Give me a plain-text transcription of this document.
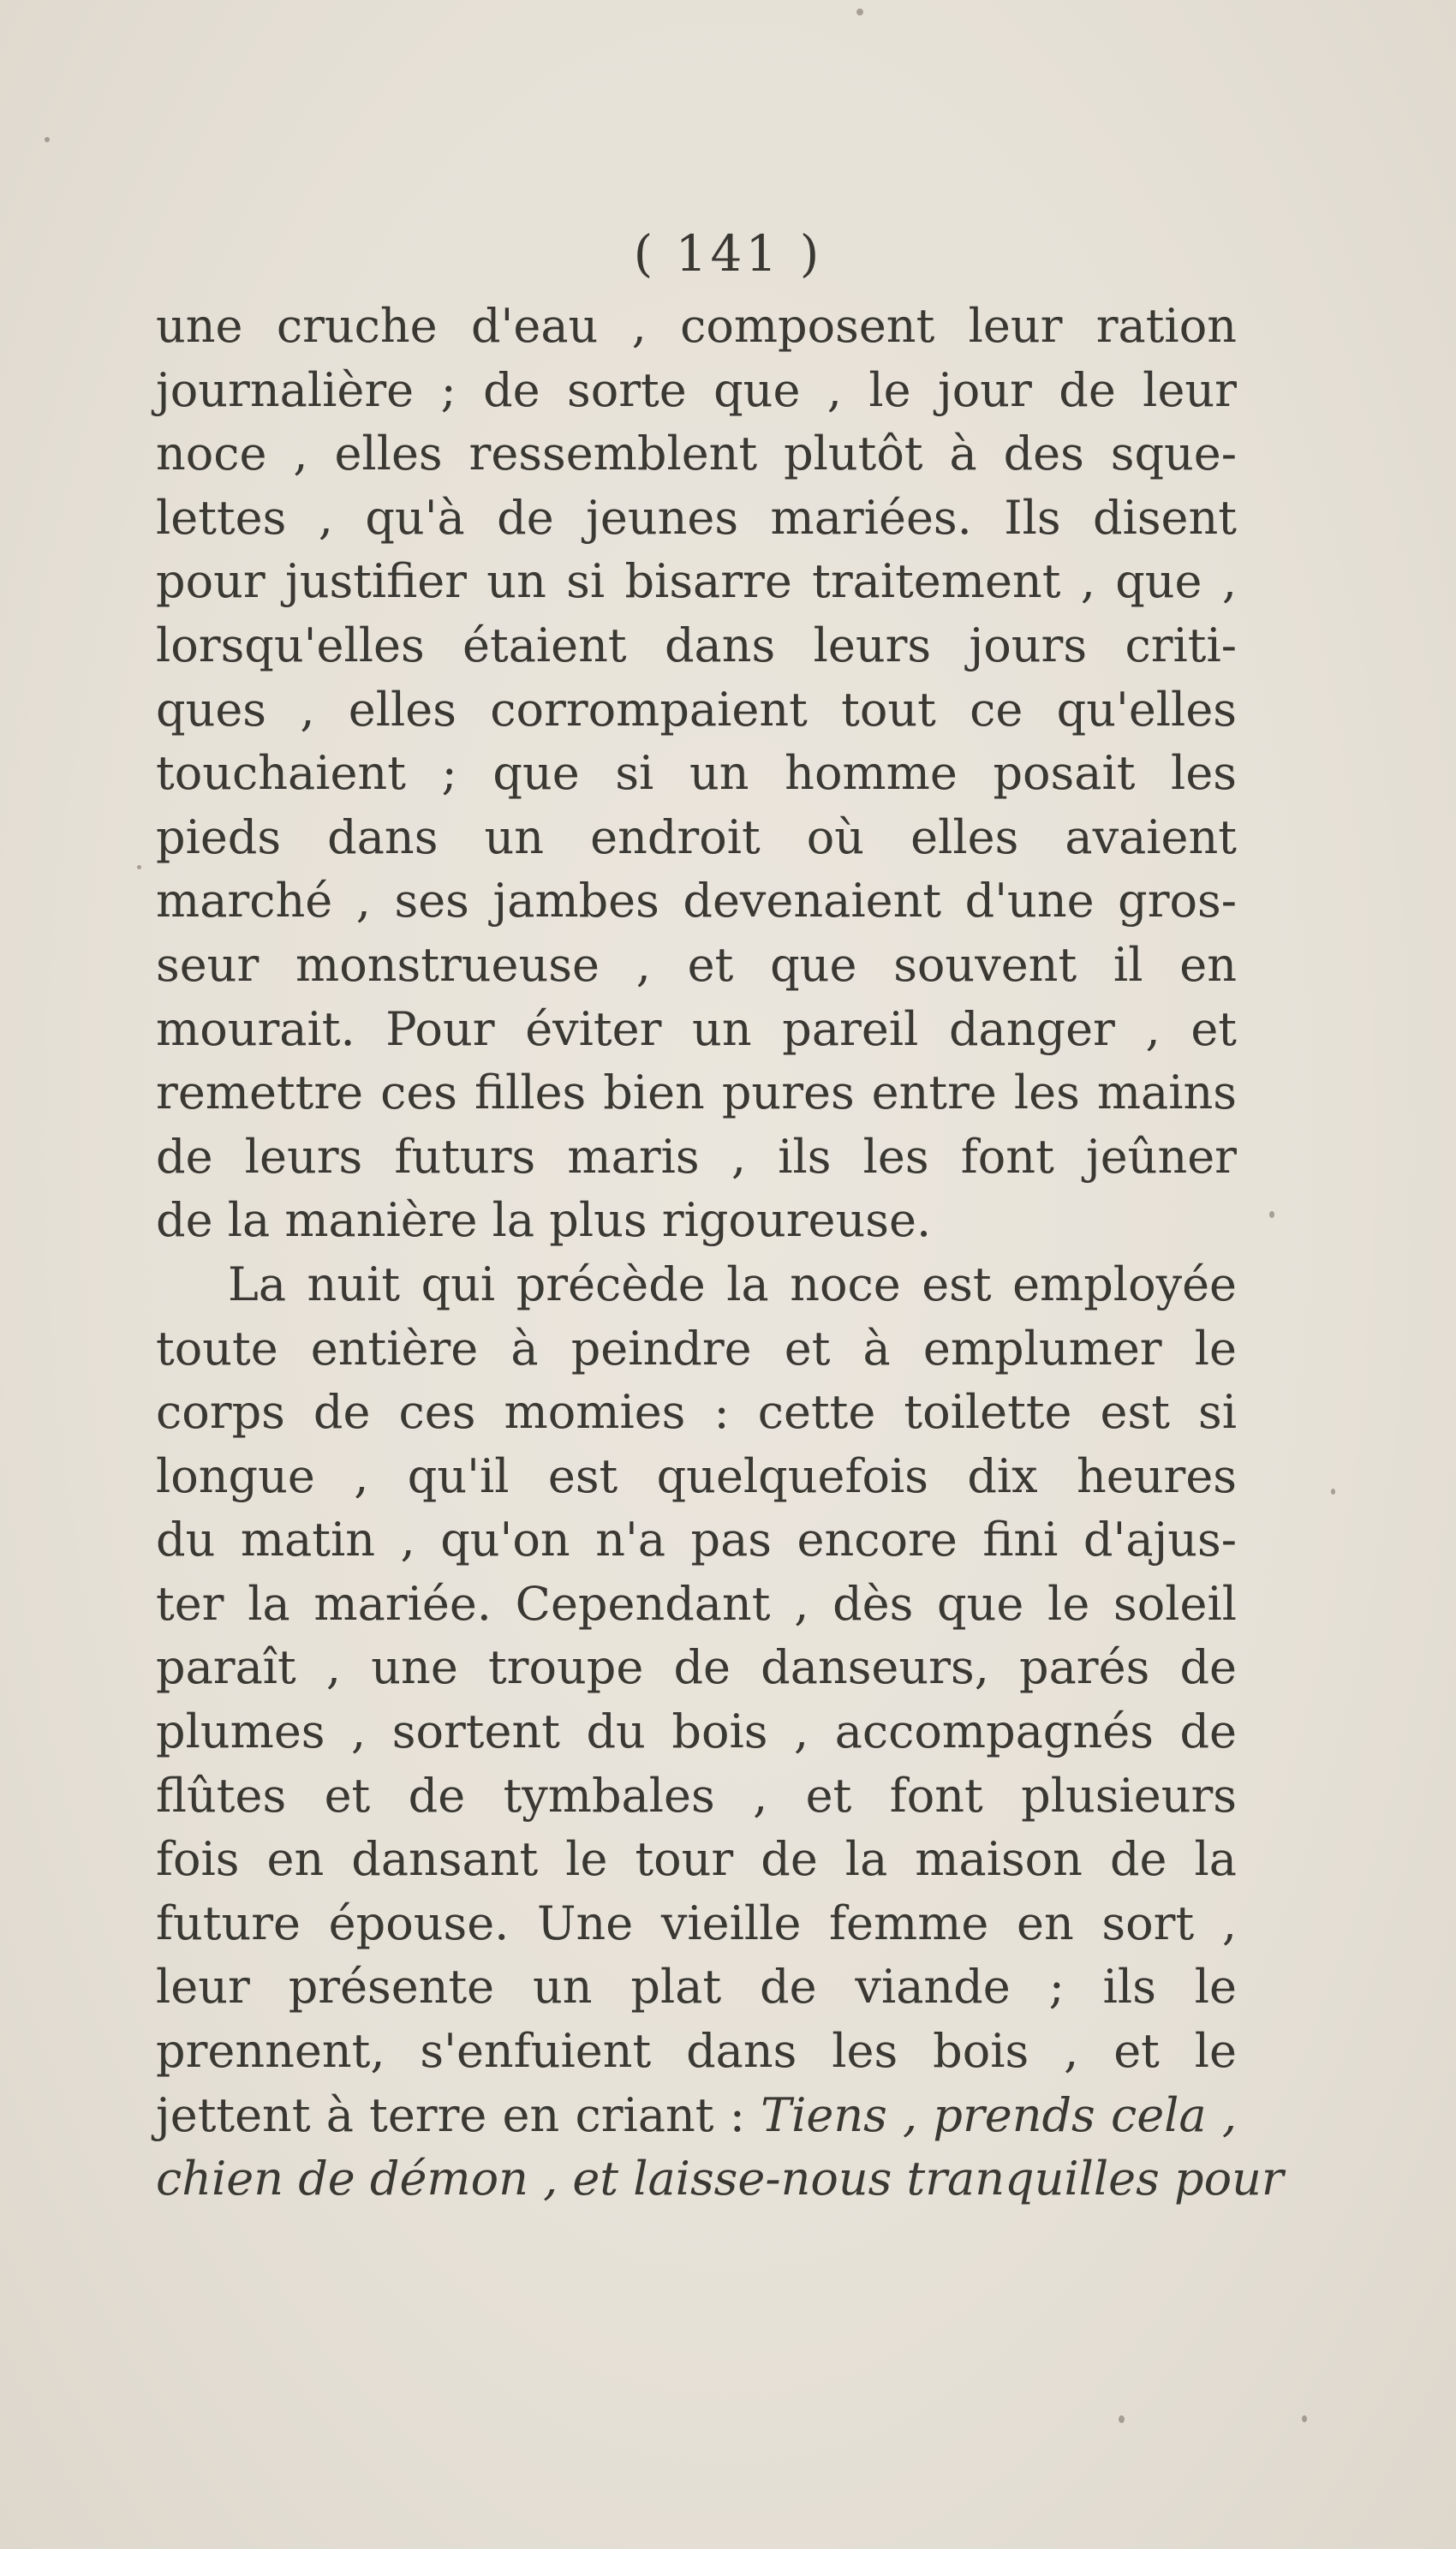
( 141 )
une cruche d'eau , composent leur ration
journalière ; de sorte que , le jour de leur
noce , elles ressemblent plutôt à des sque-
lettes , qu'à de jeunes mariées. Ils disent
pour justifier un si bisarre traitement , que ,
lorsqu'elles étaient dans leurs jours criti-
ques , elles corrompaient tout ce qu'elles
touchaient ; que si un homme posait les
pieds dans un endroit où elles avaient
marché , ses jambes devenaient d'une gros-
seur monstrueuse , et que souvent il en
mourait. Pour éviter un pareil danger , et
remettre ces filles bien pures entre les mains
de leurs futurs maris , ils les font jeûner
de la manière la plus rigoureuse.
La nuit qui précède la noce est employée
toute entière à peindre et à emplumer le
corps de ces momies : cette toilette est si
longue , qu'il est quelquefois dix heures
du matin , qu'on n'a pas encore fini d'ajus-
ter la mariée. Cependant , dès que le soleil
paraît , une troupe de danseurs, parés de
plumes , sortent du bois , accompagnés de
flûtes et de tymbales , et font plusieurs
fois en dansant le tour de la maison de la
future épouse. Une vieille femme en sort ,
leur présente un plat de viande ; ils le
prennent, s'enfuient dans les bois , et le
jettent à terre en criant : Tiens , prends cela ,
chien de démon , et laisse-nous tranquilles pour
